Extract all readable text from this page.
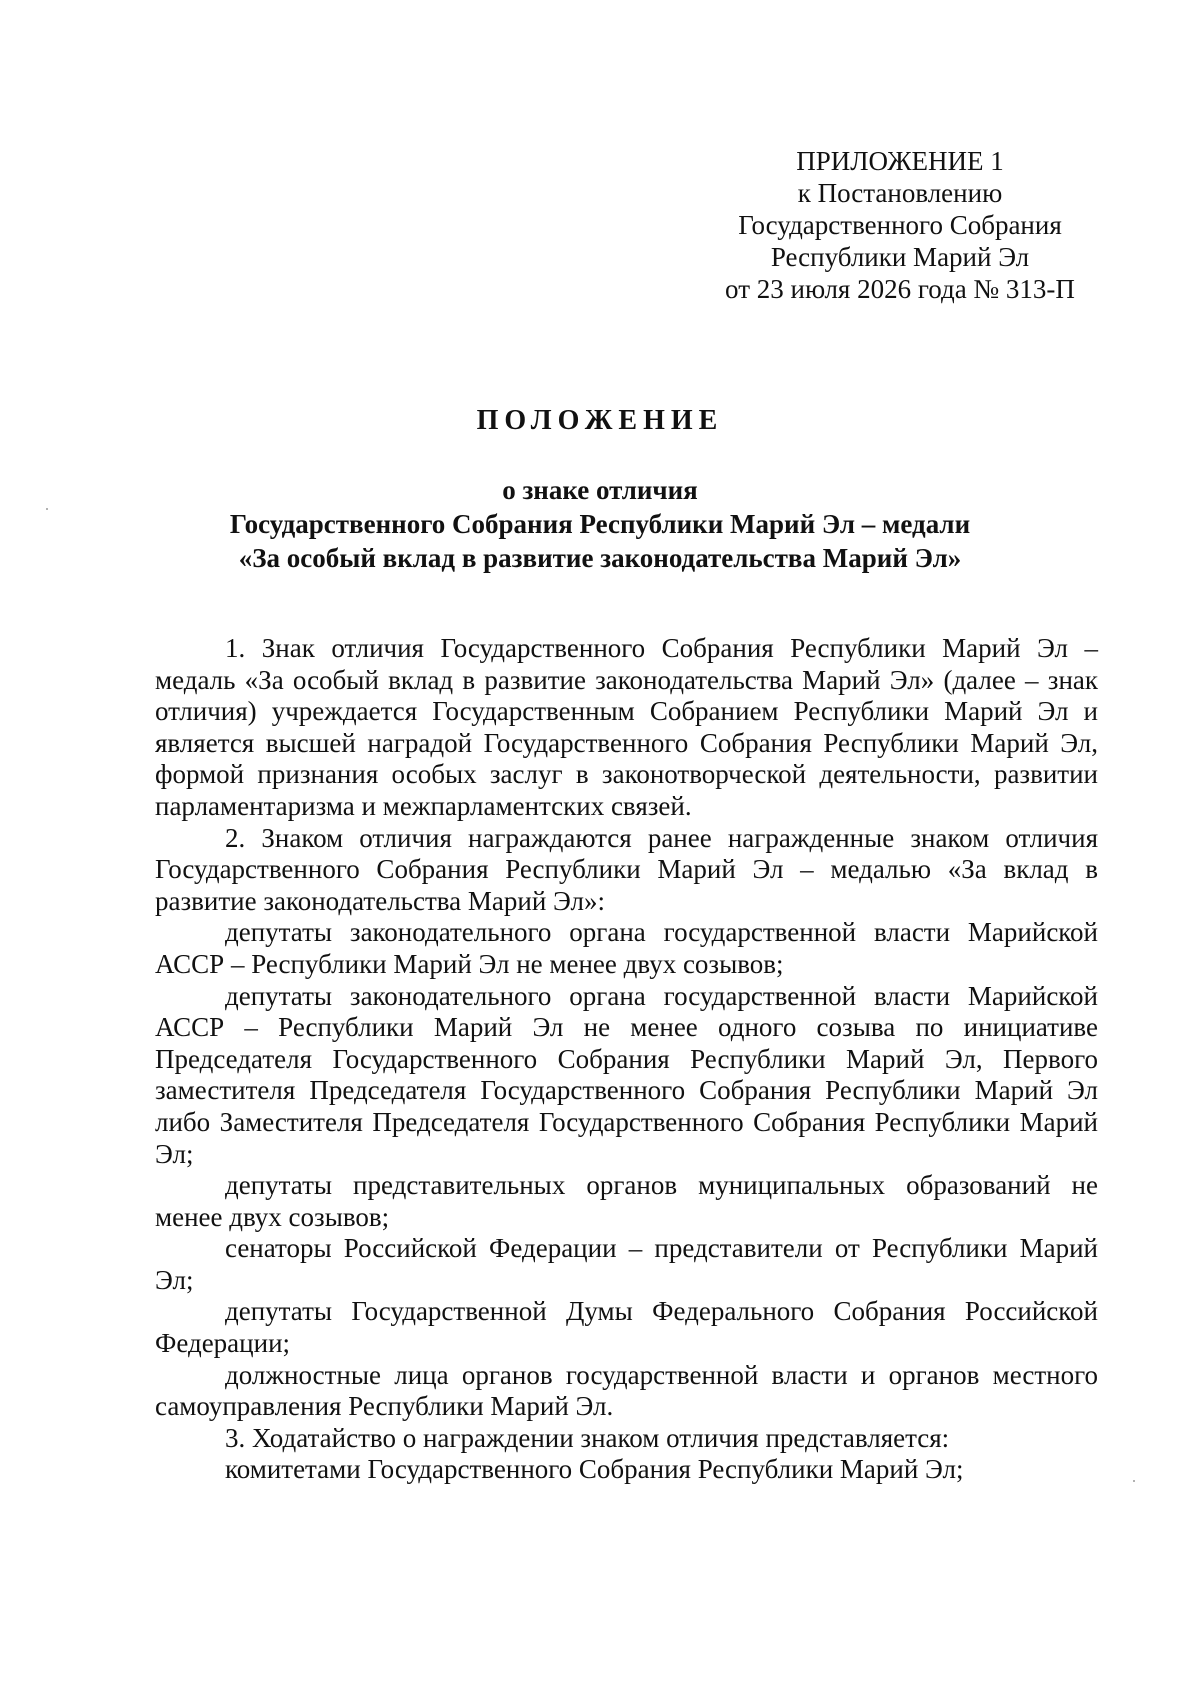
ПРИЛОЖЕНИЕ 1
к Постановлению
Государственного Собрания
Республики Марий Эл
от 23 июля 2026 года № 313-П
ПОЛОЖЕНИЕ
о знаке отличия
Государственного Собрания Республики Марий Эл – медали
«За особый вклад в развитие законодательства Марий Эл»

1. Знак отличия Государственного Собрания Республики Марий Эл – медаль «За особый вклад в развитие законодательства Марий Эл» (далее – знак отличия) учреждается Государственным Собранием Республики Марий Эл и является высшей наградой Государственного Собрания Республики Марий Эл, формой признания особых заслуг в законотворческой деятельности, развитии парламентаризма и межпарламентских связей.

2. Знаком отличия награждаются ранее награжденные знаком отличия Государственного Собрания Республики Марий Эл – медалью «За вклад в развитие законодательства Марий Эл»:

депутаты законодательного органа государственной власти Марийской АССР – Республики Марий Эл не менее двух созывов;

депутаты законодательного органа государственной власти Марийской АССР – Республики Марий Эл не менее одного созыва по инициативе Председателя Государственного Собрания Республики Марий Эл, Первого заместителя Председателя Государственного Собрания Республики Марий Эл либо Заместителя Председателя Государственного Собрания Республики Марий Эл;

депутаты представительных органов муниципальных образований не менее двух созывов;

сенаторы Российской Федерации – представители от Республики Марий Эл;

депутаты Государственной Думы Федерального Собрания Российской Федерации;

должностные лица органов государственной власти и органов местного самоуправления Республики Марий Эл.

3. Ходатайство о награждении знаком отличия представляется:

комитетами Государственного Собрания Республики Марий Эл;
